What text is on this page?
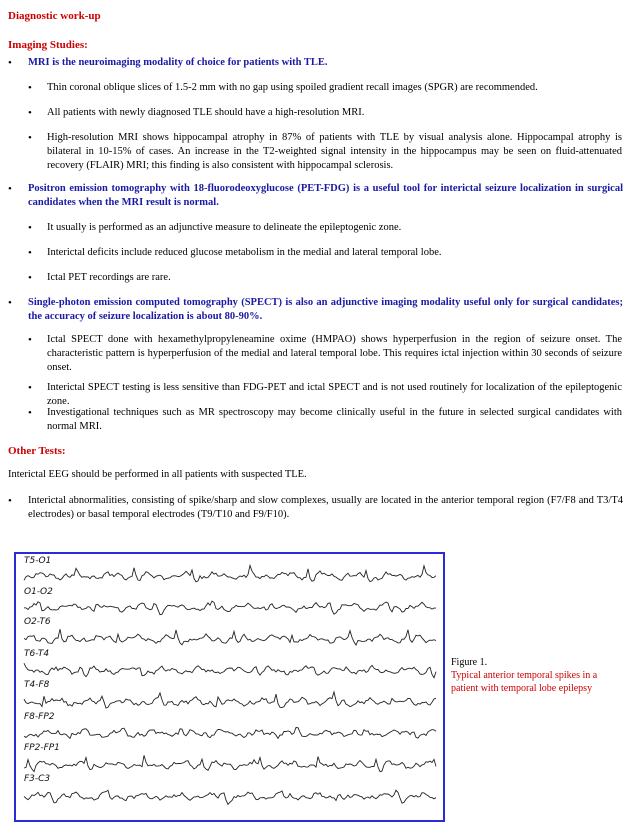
Diagnostic work-up
Imaging Studies:
• MRI is the neuroimaging modality of choice for patients with TLE.
• Thin coronal oblique slices of 1.5-2 mm with no gap using spoiled gradient recall images (SPGR) are recommended.
• All patients with newly diagnosed TLE should have a high-resolution MRI.
• High-resolution MRI shows hippocampal atrophy in 87% of patients with TLE by visual analysis alone. Hippocampal atrophy is bilateral in 10-15% of cases. An increase in the T2-weighted signal intensity in the hippocampus may be seen on fluid-attenuated recovery (FLAIR) MRI; this finding is also consistent with hippocampal sclerosis.
• Positron emission tomography with 18-fluorodeoxyglucose (PET-FDG) is a useful tool for interictal seizure localization in surgical candidates when the MRI result is normal.
• It usually is performed as an adjunctive measure to delineate the epileptogenic zone.
• Interictal deficits include reduced glucose metabolism in the medial and lateral temporal lobe.
• Ictal PET recordings are rare.
• Single-photon emission computed tomography (SPECT) is also an adjunctive imaging modality useful only for surgical candidates; the accuracy of seizure localization is about 80-90%.
• Ictal SPECT done with hexamethylpropyleneamine oxime (HMPAO) shows hyperperfusion in the region of seizure onset. The characteristic pattern is hyperperfusion of the medial and lateral temporal lobe. This requires ictal injection within 30 seconds of seizure onset.
• Interictal SPECT testing is less sensitive than FDG-PET and ictal SPECT and is not used routinely for localization of the epileptogenic zone.
• Investigational techniques such as MR spectroscopy may become clinically useful in the future in selected surgical candidates with normal MRI.
Other Tests:
Interictal EEG should be performed in all patients with suspected TLE.
• Interictal abnormalities, consisting of spike/sharp and slow complexes, usually are located in the anterior temporal region (F7/F8 and T3/T4 electrodes) or basal temporal electrodes (T9/T10 and F9/F10).
T5-O1
O1-O2
O2-T6
T6-T4
T4-F8
F8-FP2
FP2-FP1
F3-C3
Figure 1.
Typical anterior temporal spikes in a patient with temporal lobe epilepsy
